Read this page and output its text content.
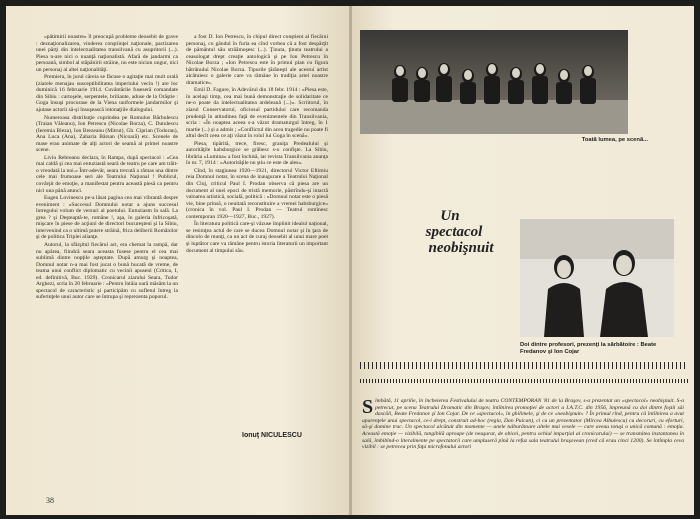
«pătimirii noastre» îl preocupă probleme deosebit de grave : deznaţionalizarea, vinderea conştiinţei naţionale, pactizarea unei părţi din intelectualitatea transilvană cu asupritorii (...). Piesa n-are nici o nuanţă naţionalistă. Afară de jandarmi ca persoană, simbol al stăpânirii străine, nu este niciun ungur, nici un personaj al altei naţionalităţi.

Premiera, în jurul căreia se făcuse o agitaţie mai mult orală (ziarele menajau susceptibilitatea imperiului vecin !) are loc duminică 16 februarie 1914. Cuvântările fuseseră comandate din Sibiu : cartoşele, serpentele, briliante, aduse de la Orăştie : Goga însuşi procurase de la Viena uniformele jandarmilor şi ajutase actorii să-şi însuşească intonaţiile dialogului.

Numeroasa distribuţie cuprindea pe Romulus Bărbulescu (Traian Văleanu), Ion Petrescu (Nicolae Borza), C. Dutulescu (Ieremia Bleza), Ion Brezeanu (Mitrut), Gh. Ciprian (Todoran), Ana Luca (Ana), Zaharia Bârsan (Nicoară) etc. Scenele de mase erau animate de alţi actori de seamă ai primei noastre scene.

Liviu Rebreanu declara, în Rampa, după spectacol : «Cea mai caldă şi cea mai entuziastă seară de teatru pe care am trăit-o vreodată la noi.» Într-adevăr, seara trecută a rămas una dintre cele mai frumoase seri ale Teatrului Naţional ! Publicul, covârşit de emoţie, a manifestat pentru această piesă ca pentru nici una până atunci.

Eugen Lovinescu pe-a lăsat pagina cea mai vibrantă despre eveniment : «Succesul Domnului notar a ajuns succesul întregului volum de versuri al poetului. Entuziasm în sală. La grea ? şi Deşteaptă-te, române !, aşa, în galeria înfricoşată, mişcare în piese de acţiuni de directori bucureşteni şi la Sibiu, intervenind ca o ultimă putere străină, frica deliberii Românilor şi de politica Triplei alianţe.

Autorul, la sfârşitul fiecărui act, era chemat la rampă, dar nu apărea, fiindcă seara aceasta fusese pentru el cea mai sublimă dintre nopţile aşteptate. După amurg şi noaptea, Domnul notar n-a mai fost jucat o bună bucată de vreme, de teama unui conflict diplomatic cu vecinii apuseni (Critica, I, ed. definitivă, Buc. 1929). Cronicarul ziarului Seara, Tudor Arghezi, scria în 20 februarie : «Pentru întâia oară măsăm la un spectacol de caracteristic şi participăm cu sufletul întreg la suferinţele unui autor care se întrupa şi reprezenta poporul.

a fost D. Ion Petrescu, în chipul direct conştient al fiecărui personaj, cu gândul în furia ea cînd vorbea că a fost despărţit de pământul său străămoşesc (...). Ţinuta, ţinuta teatrului a ceasologat drept creaţie antologică şi pe Ion Petrescu în Nicolae Borza ; «Ion Petrescu este în primul plan cu figura bătrânului Nicolae Borza. Tipurile ţărăneşti ale acestui artist alcătuiesc o galerie care va rămâne în tradiţia artei noastre dramatice».

Emil D. Fagure, în Adevărul din 18 febr. 1914 : «Piesa este, în acelaşi timp, cea mai bună demonstraţie de solidaritate ce ne-o poate da intelectualitatea ardeleană (...)». Scriitorul, în ziarul Conservatorul, oficiosul partidului care recomanda prudenţă în atitudinea faţă de evenimentele din Transilvania, scria : «În noaptea aceea s-a văzut dramaturgul întreg, în 1 martie (...) şi a admis ; «Conflictul din acea tragedie nu poate fi altul decît ceea ce aţi văzut în rolul lui Goga în scenă».

Piesa, tipărită, trece, firesc, graniţa Predealului şi autorităţile habsburgice se grăbesc s-o confişte. La Sibiu, librăria «Lumina» a fost închisă, iar revista Transilvania anunţa în nr. 7, 1914 : «Autorităţile nu ştiu ce este de ales».

Cînd, în stagiunea 1920—1921, directorul Victor Eftimiu reia Domnul notar, în scena de inaugurare a Teatrului Naţional din Cluj, criticul Paul I. Prodan observa că piesa are un document al unei epoci de tristă memorie, păstrîndu-şi intactă valoarea artistică, socială, politică : «Domnul notar este o piesă vie, bine prinsă, o neuitată reconstituire a vremei habsburgice» (cronica în vol. Paul I. Prodan — Teatrul romînesc contemporan 1920—1927, Buc., 1927).

În literatura politică care-şi văzuse împlinit idealul naţional, se resimţea actul de care se ducea Domnul notar şi în ţara de dincolo de munţi, ca un act de curaj deosebit al unui mare poet şi luptător care va rămâne pentru istoria literaturii un important document al timpului său.

Ionuţ NICULESCU
38
Toată lumea, pe scenă...
Un
spectacol
neobişnuit
Doi dintre profesori, prezenţi la sărbătoire : Beate Fredanov şi Ion Cojar
S îmbătă, 11 aprilie, în încheierea Festivalului de teatru CONTEMPORAN '81 de la Braşov, s-a prezentat un «spectacol» neobişnuit. S-a petrecut, pe scena Teatrului Dramatic din Braşov, întîlnirea promoţiei de actori a I.A.T.C. din 1956, împreună cu doi dintre foştii săi dascăli, Beate Fredanov şi Ion Cojar. De ce «spectacol», în ghilimele, şi de ce «neobişnuit» ? În primul rînd, pentru că întîlnirea a avut aparenţele unui spectacol, ce-i drept, construit ad-hoc (regia, Dan Puican), ci cu un prezentator (Mircea Albulescu) cu decoruri, cu eforturi, să-şi domine trac. Un spectacol alcătuit din momente — unele tulburătoare altele mai vesele — care aveau totuşi o unică comună : emoţia. Această emoţie — vizibilă, tangibilă aproape (de neuşurat, de obicei, pentru ochiul imparţial al cronicarului) — se transmitea instantaneu în sală, îmbibînd-o literalmente pe spectatorii care umpluseră pînă la refuz sala teatrului braşovean (cred că erau cinci 1200). Se întîmpla ceva vizibil : se petrecea prin faţa microfonului actori
